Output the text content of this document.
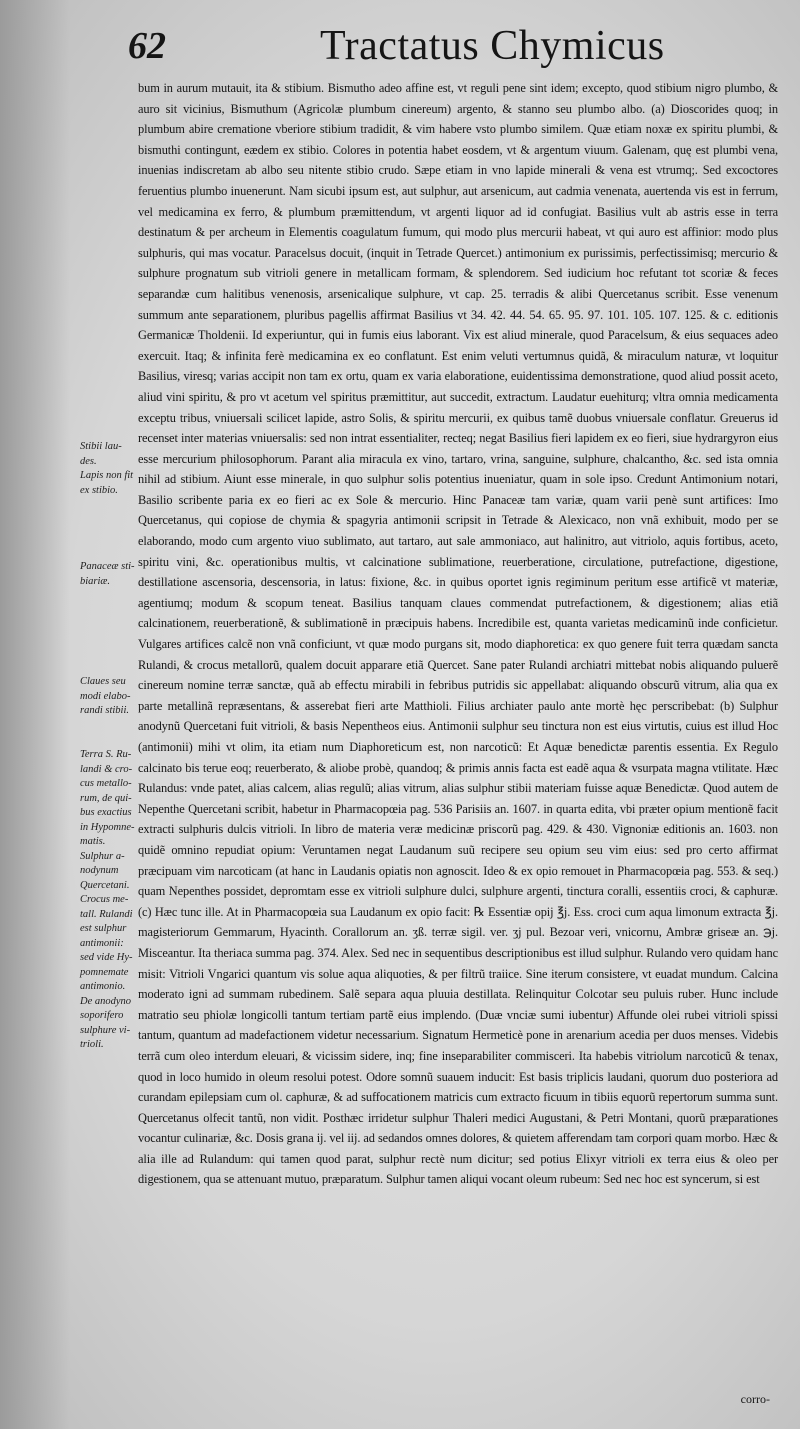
62	Tractatus Chymicus
Stibii lau-
des.
Lapis non fit
ex stibio.
Panaceæ sti-
biariæ.
Claues seu
modi elabo-
randi stibii.
Terra S. Ru-
landi & cro-
cus metallo-
rum, de qui-
bus exactius
in Hypomne-
matis.
Sulphur a-
nodynum
Quercetani.
Crocus me-
tall. Rulandi
est sulphur
antimonii:
sed vide Hy-
pomnemate
antimonio.
De anodyno
soporifero
sulphure vi-
trioli.

bum in aurum mutauit, ita & stibium. Bismutho adeo affine est, vt reguli pene sint idem; excepto, quod stibium nigro plumbo, & auro sit vicinius, Bismuthum (Agricolæ plumbum cinereum) argento, & stanno seu plumbo albo. (a) Dioscorides quoq; in plumbum abire crematione vberiore stibium tradidit, & vim habere vsto plumbo similem. Quæ etiam noxæ ex spiritu plumbi, & bismuthi contingunt, eædem ex stibio. Colores in potentia habet eosdem, vt & argentum viuum. Galenam, quę est plumbi vena, inuenias indiscretam ab albo seu nitente stibio crudo. Sæpe etiam in vno lapide minerali & vena est vtrumq;. Sed excoctores feruentius plumbo inuenerunt. Nam sicubi ipsum est, aut sulphur, aut arsenicum, aut cadmia venenata, auertenda vis est in ferrum, vel medicamina ex ferro, & plumbum præmittendum, vt argenti liquor ad id confugiat. Basilius vult ab astris esse in terra destinatum & per archeum in Elementis coagulatum fumum, qui modo plus mercurii habeat, vt qui auro est affinior: modo plus sulphuris, qui mas vocatur. Paracelsus docuit, (inquit in Tetrade Quercet.) antimonium ex purissimis, perfectissimisq; mercurio & sulphure prognatum sub vitrioli genere in metallicam formam, & splendorem. Sed iudicium hoc refutant tot scoriæ & feces separandæ cum halitibus venenosis, arsenicalique sulphure, vt cap. 25. terradis & alibi Quercetanus scribit. Esse venenum summum ante separationem, pluribus pagellis affirmat Basilius vt 34. 42. 44. 54. 65. 95. 97. 101. 105. 107. 125. & c. editionis Germanicæ Tholdenii. Id experiuntur, qui in fumis eius laborant. Vix est aliud minerale, quod Paracelsum, & eius sequaces adeo exercuit. Itaq; & infinita ferè medicamina ex eo conflatunt. Est enim veluti vertumnus quidã, & miraculum naturæ, vt loquitur Basilius, viresq; varias accipit non tam ex ortu, quam ex varia elaboratione, euidentissima demonstratione, quod aliud possit aceto, aliud vini spiritu, & pro vt acetum vel spiritus præmittitur, aut succedit, extractum. Laudatur euehiturq; vltra omnia medicamenta exceptu tribus, vniuersali scilicet lapide, astro Solis, & spiritu mercurii, ex quibus tamẽ duobus vniuersale conflatur. Greuerus id recenset inter materias vniuersalis: sed non intrat essentialiter, recteq; negat Basilius fieri lapidem ex eo fieri, siue hydrargyron eius esse mercurium philosophorum. Parant alia miracula ex vino, tartaro, vrina, sanguine, sulphure, chalcantho, &c. sed ista omnia nihil ad stibium. Aiunt esse minerale, in quo sulphur solis potentius inueniatur, quam in sole ipso. Credunt Antimonium notari, Basilio scribente paria ex eo fieri ac ex Sole & mercurio. Hinc Panaceæ tam variæ, quam varii penè sunt artifices: Imo Quercetanus, qui copiose de chymia & spagyria antimonii scripsit in Tetrade & Alexicaco, non vnã exhibuit, modo per se elaborando, modo cum argento viuo sublimato, aut tartaro, aut sale ammoniaco, aut halinitro, aut vitriolo, aquis fortibus, aceto, spiritu vini, &c. operationibus multis, vt calcinatione sublimatione, reuerberatione, circulatione, putrefactione, digestione, destillatione ascensoria, descensoria, in latus: fixione, &c. in quibus oportet ignis regiminum peritum esse artificẽ vt materiæ, agentiumq; modum & scopum teneat. Basilius tanquam claues commendat putrefactionem, & digestionem; alias etiã calcinationem, reuerberationẽ, & sublimationẽ in præcipuis habens. Incredibile est, quanta varietas medicaminũ inde conficietur. Vulgares artifices calcẽ non vnã conficiunt, vt quæ modo purgans sit, modo diaphoretica: ex quo genere fuit terra quædam sancta Rulandi, & crocus metallorũ, qualem docuit apparare etiã Quercet. Sane pater Rulandi archiatri mittebat nobis aliquando puluerẽ cinereum nomine terræ sanctæ, quã ab effectu mirabili in febribus putridis sic appellabat: aliquando obscurũ vitrum, alia qua ex parte metallinã repræsentans, & asserebat fieri arte Matthioli. Filius archiater paulo ante mortè hęc perscribebat: (b) Sulphur anodynũ Quercetani fuit vitrioli, & basis Nepentheos eius. Antimonii sulphur seu tinctura non est eius virtutis, cuius est illud Hoc (antimonii) mihi vt olim, ita etiam num Diaphoreticum est, non narcoticũ: Et Aquæ benedictæ parentis essentia. Ex Regulo calcinato bis terue eoq; reuerberato, & aliobe probè, quandoq; & primis annis facta est eadẽ aqua & vsurpata magna vtilitate. Hæc Rulandus: vnde patet, alias calcem, alias regulũ; alias vitrum, alias sulphur stibii materiam fuisse aquæ Benedictæ. Quod autem de Nepenthe Quercetani scribit, habetur in Pharmacopœia pag. 536 Parisiis an. 1607. in quarta edita, vbi præter opium mentionẽ facit extracti sulphuris dulcis vitrioli. In libro de materia veræ medicinæ priscorũ pag. 429. & 430. Vignoniæ editionis an. 1603. non quidẽ omnino repudiat opium: Veruntamen negat Laudanum suũ recipere seu opium seu vim eius: sed pro certo affirmat præcipuam vim narcoticam (at hanc in Laudanis opiatis non agnoscit. Ideo & ex opio remouet in Pharmacopœia pag. 553. & seq.) quam Nepenthes possidet, depromtam esse ex vitrioli sulphure dulci, sulphure argenti, tinctura coralli, essentiis croci, & caphuræ. (c) Hæc tunc ille. At in Pharmacopœia sua Laudanum ex opio facit: ℞ Essentiæ opij ℥j. Ess. croci cum aqua limonum extracta ℥j. magisteriorum Gemmarum, Hyacinth. Corallorum an. ʒß. terræ sigil. ver. ʒj pul. Bezoar veri, vnicornu, Ambræ griseæ an. ℈j. Misceantur. Ita theriaca summa pag. 374. Alex. Sed nec in sequentibus descriptionibus est illud sulphur. Rulando vero quidam hanc misit: Vitrioli Vngarici quantum vis solue aqua aliquoties, & per filtrũ traiice. Sine iterum consistere, vt euadat mundum. Calcina moderato igni ad summam rubedinem. Salẽ separa aqua pluuia destillata. Relinquitur Colcotar seu puluis ruber. Hunc include matratio seu phiolæ longicolli tantum tertiam partẽ eius implendo. (Duæ vnciæ sumi iubentur) Affunde olei rubei vitrioli spissi tantum, quantum ad madefactionem videtur necessarium. Signatum Hermeticè pone in arenarium acedia per duos menses. Videbis terrã cum oleo interdum eleuari, & vicissim sidere, inq; fine inseparabiliter commisceri. Ita habebis vitriolum narcoticũ & tenax, quod in loco humido in oleum resolui potest. Odore somnũ suauem inducit: Est basis triplicis laudani, quorum duo posteriora ad curandam epilepsiam cum ol. caphuræ, & ad suffocationem matricis cum extracto ficuum in tibiis equorũ repertorum summa sunt. Quercetanus olfecit tantũ, non vidit. Posthæc irridetur sulphur Thaleri medici Augustani, & Petri Montani, quorũ præparationes vocantur culinariæ, &c. Dosis grana ij. vel iij. ad sedandos omnes dolores, & quietem afferendam tam corpori quam morbo. Hæc & alia ille ad Rulandum: qui tamen quod parat, sulphur rectè num dicitur; sed potius Elixyr vitrioli ex terra eius & oleo per digestionem, qua se attenuant mutuo, præparatum. Sulphur tamen aliqui vocant oleum rubeum: Sed nec hoc est syncerum, si est

corro-
